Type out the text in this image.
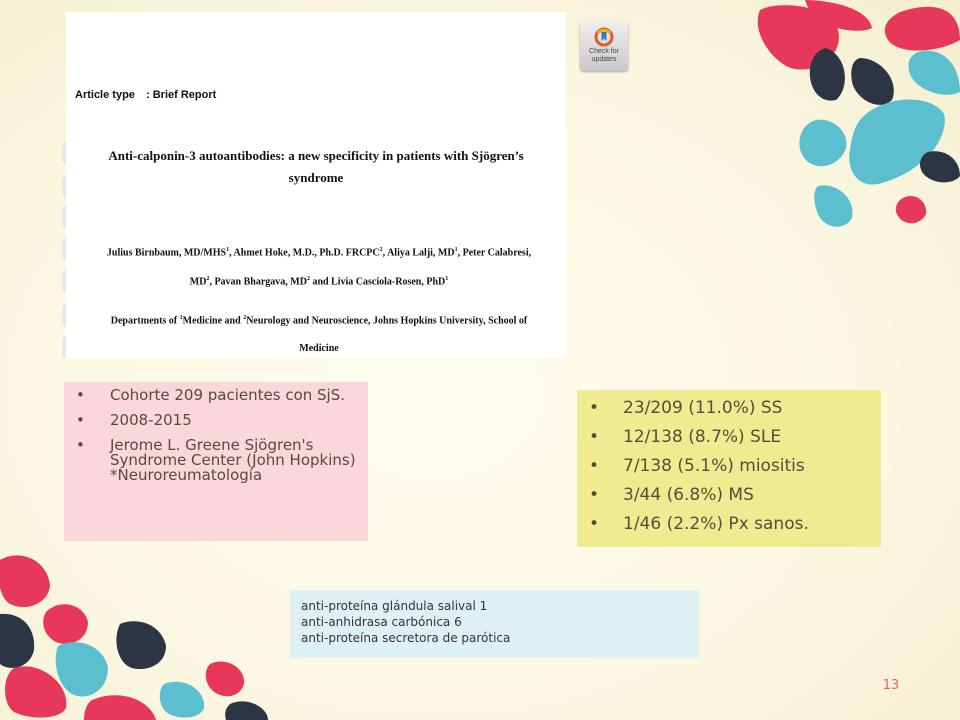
Check for updates
Article type : Brief Report
Anti-calponin-3 autoantibodies: a new specificity in patients with Sjögren’s
syndrome
Julius Birnbaum, MD/MHS$^1$, Ahmet Hoke, M.D., Ph.D. FRCPC$^2$, Aliya Lalji, $MD^1$, Peter Calabresi,
$MD^2$, Pavan Bhargava, $MD^2$ and Livia Casciola-Rosen, PhD$^1$
Departments of $^1$Medicine and $^2$Neurology and Neuroscience, Johns Hopkins University, School of
Medicine
• Cohorte 209 pacientes con SjS.
• 2008-2015
• Jerome L. Greene Sjögren's Syndrome Center (John Hopkins) *Neuroreumatología
• 23/209 (11.0%) SS
• 12/138 (8.7%) SLE
• 7/138 (5.1%) miositis
• 3/44 (6.8%) MS
• 1/46 (2.2%) Px sanos.
anti-proteína glándula salival 1
anti-anhidrasa carbónica 6
anti-proteína secretora de parótica
13
